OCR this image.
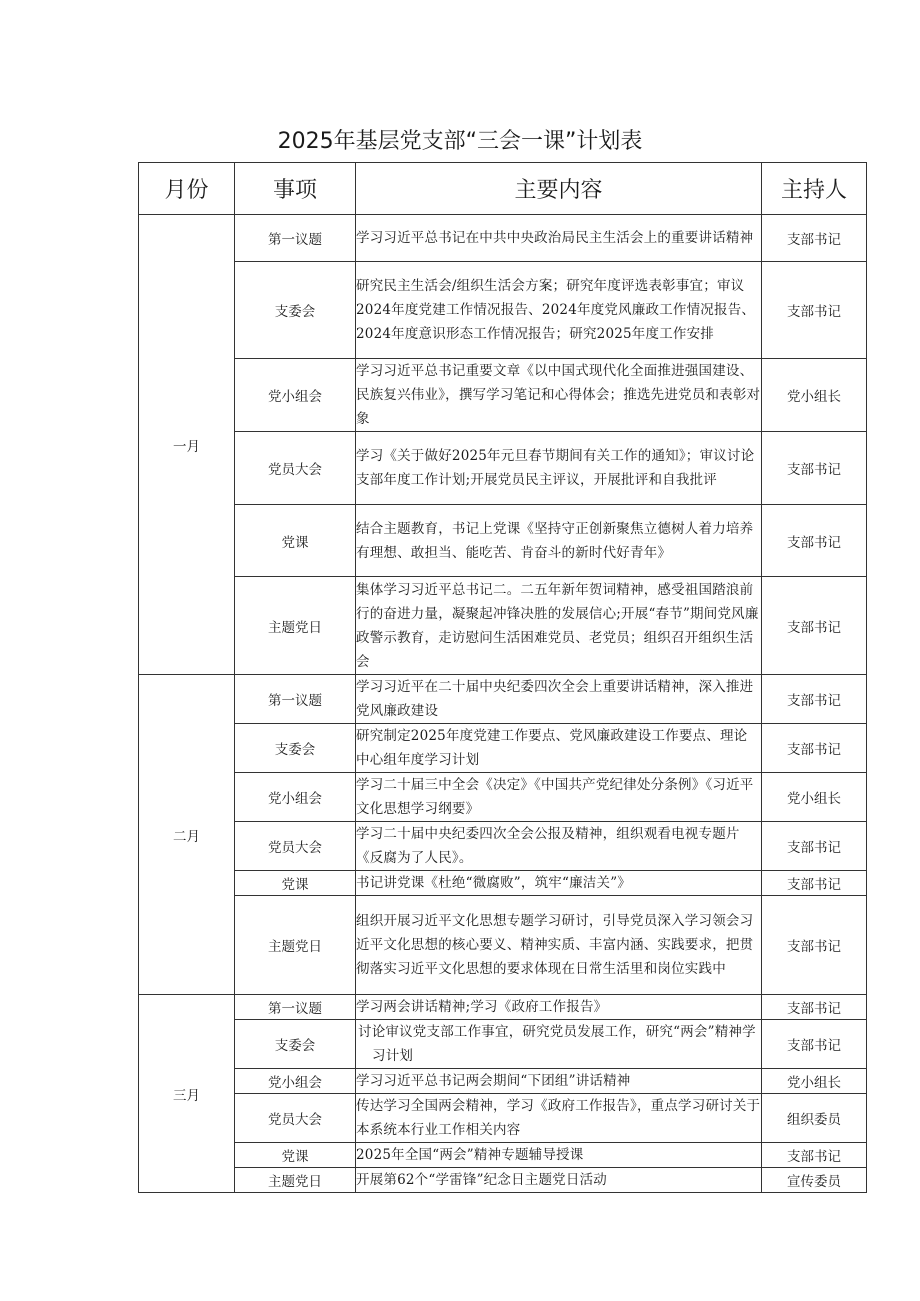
2025年基层党支部“三会一课”计划表
月份	事项	主要内容	主持人
一月	第一议题	学习习近平总书记在中共中央政治局民主生活会上的重要讲话精神	支部书记
	支委会	研究民主生活会/组织生活会方案；研究年度评选表彰事宜；审议2024年度党建工作情况报告、2024年度党风廉政工作情况报告、2024年度意识形态工作情况报告；研究2025年度工作安排	支部书记
	党小组会	学习习近平总书记重要文章《以中国式现代化全面推进强国建设、民族复兴伟业》，撰写学习笔记和心得体会；推选先进党员和表彰对象	党小组长
	党员大会	学习《关于做好2025年元旦春节期间有关工作的通知》；审议讨论支部年度工作计划;开展党员民主评议，开展批评和自我批评	支部书记
	党课	结合主题教育，书记上党课《坚持守正创新聚焦立德树人着力培养有理想、敢担当、能吃苦、肯奋斗的新时代好青年》	支部书记
	主题党日	集体学习习近平总书记二。二五年新年贺词精神，感受祖国踏浪前行的奋进力量，凝聚起冲锋决胜的发展信心;开展“春节”期间党风廉政警示教育，走访慰问生活困难党员、老党员；组织召开组织生活会	支部书记
二月	第一议题	学习习近平在二十届中央纪委四次全会上重要讲话精神，深入推进党风廉政建设	支部书记
	支委会	研究制定2025年度党建工作要点、党风廉政建设工作要点、理论中心组年度学习计划	支部书记
	党小组会	学习二十届三中全会《决定》《中国共产党纪律处分条例》《习近平文化思想学习纲要》	党小组长
	党员大会	学习二十届中央纪委四次全会公报及精神，组织观看电视专题片《反腐为了人民》。	支部书记
	党课	书记讲党课《杜绝“微腐败”，筑牢“廉洁关”》	支部书记
	主题党日	组织开展习近平文化思想专题学习研讨，引导党员深入学习领会习近平文化思想的核心要义、精神实质、丰富内涵、实践要求，把贯彻落实习近平文化思想的要求体现在日常生活里和岗位实践中	支部书记
三月	第一议题	学习两会讲话精神;学习《政府工作报告》	支部书记
	支委会	讨论审议党支部工作事宜，研究党员发展工作，研究“两会”精神学习计划	支部书记
	党小组会	学习习近平总书记两会期间“下团组”讲话精神	党小组长
	党员大会	传达学习全国两会精神，学习《政府工作报告》，重点学习研讨关于本系统本行业工作相关内容	组织委员
	党课	2025年全国“两会”精神专题辅导授课	支部书记
	主题党日	开展第62个“学雷锋”纪念日主题党日活动	宣传委员
